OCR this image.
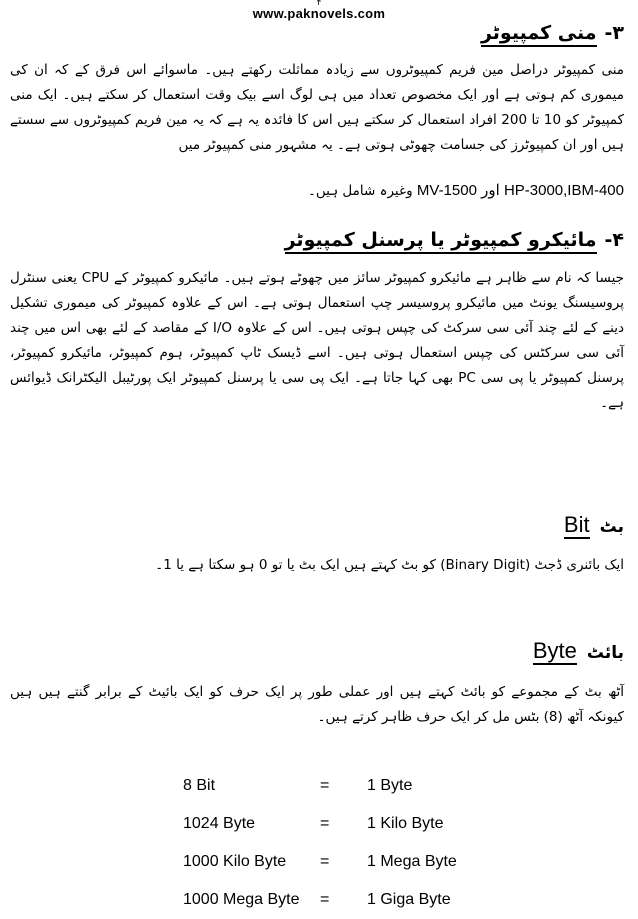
۴
www.paknovels.com
۳-منی کمپیوٹر
منی کمپیوٹر دراصل مین فریم کمپیوٹروں سے زیادہ مماثلت رکھتے ہیں۔ ماسوائے اس فرق کے کہ ان کی میموری کم ہوتی ہے اور ایک مخصوص تعداد میں ہی لوگ اسے بیک وقت استعمال کر سکتے ہیں۔ ایک منی کمپیوٹر کو 10 تا 200 افراد استعمال کر سکتے ہیں اس کا فائدہ یہ ہے کہ یہ مین فریم کمپیوٹروں سے سستے ہیں اور ان کمپیوٹرز کی جسامت چھوٹی ہوتی ہے۔ یہ مشہور منی کمپیوٹر میں
HP-3000,IBM-400 اور MV-1500 وغیرہ شامل ہیں۔
۴-مائیکرو کمپیوٹر یا پرسنل کمپیوٹر
جیسا کہ نام سے ظاہر ہے مائیکرو کمپیوٹر سائز میں چھوٹے ہوتے ہیں۔ مائیکرو کمپیوٹر کے CPU یعنی سنٹرل پروسیسنگ یونٹ میں مائیکرو پروسیسر چپ استعمال ہوتی ہے۔ اس کے علاوہ کمپیوٹر کی میموری تشکیل دینے کے لئے چند آئی سی سرکٹ کی چپس ہوتی ہیں۔ اس کے علاوہ I/O کے مقاصد کے لئے بھی اس میں چند آئی سی سرکٹس کی چپس استعمال ہوتی ہیں۔ اسے ڈیسک ٹاپ کمپیوٹر، ہوم کمپیوٹر، مائیکرو کمپیوٹر، پرسنل کمپیوٹر یا پی سی PC بھی کہا جاتا ہے۔ ایک پی سی یا پرسنل کمپیوٹر ایک پورٹیبل الیکٹرانک ڈیوائس ہے۔
بٹBit
ایک بائنری ڈجٹ (Binary Digit) کو بٹ کہتے ہیں ایک بٹ یا تو 0 ہو سکتا ہے یا 1۔
بائٹByte
آٹھ بٹ کے مجموعے کو بائٹ کہتے ہیں اور عملی طور پر ایک حرف کو ایک بائیٹ کے برابر گنتے ہیں ہیں کیونکہ آٹھ (8) بٹس مل کر ایک حرف ظاہر کرتے ہیں۔
8 Bit	=	1 Byte
1024 Byte	=	1 Kilo Byte
1000 Kilo Byte	=	1 Mega Byte
1000 Mega Byte	=	1 Giga Byte
